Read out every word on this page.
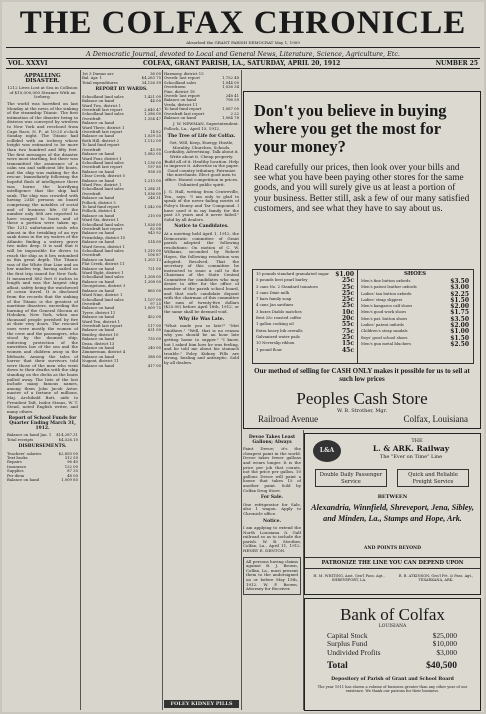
THE COLFAX CHRONICLE
Absorbed the GRANT PARISH DEMOCRAT May 1, 1909
A Democratic Journal, devoted to Local and General News, Literature, Science, Agriculture, Etc.
VOL. XXXVI	COLFAX, GRANT PARISH, LA., SATURDAY, APRIL 20, 1912	NUMBER 25
APPALLING DISASTER.
1212 Lives Lost at Sea in Collision of $10,000,000 Steamer With an Iceberg.
The world was horrified on last Monday at the news of the sinking of the steamship Titanic. The first intimation of the disaster being in distress was conveyed by wireless to New York and reechoed from Cape Race, N. F., at 10:25 o'clock Sunday night. The Titanic had collided with an iceberg whose height was estimated to be more than two hundred and fifty feet. The first messages of the disaster were most startling, but there was transmitted the assurance of a calm sea and sufficient life boats, and the ship was making for the rescue. Immediately following the hopeful flash of intelligence there was borne the horrifying intelligence that the ship had sunk. The ship was crowded with having 2340 persons on board comprising the notables of social and of business life. Of the number only 868 are reported to have escaped to boats and of these a portion were taken up. The 1212 unfortunate souls who almost in the twinkling of an eye sank down in the icy waters of the Atlantic finding a watery grave two miles deep. It is said that it will be impossible for divers to reach the ship as it lies entombed in this great depth. The Titanic was of the White Star Line and on her maiden trip, having sailed on the first trip issued for New York. It measured 882 feet 6 inches in length and was the largest ship afloat, safety being the watchword of ocean travel. It is disclosed from the records that the sinking of the Titanic is the greatest of maritime disasters, exceeding the burning of the General Slocum at Hoboken, New York, when one thousand people perished by fire at their very doors. The rescued ones were mostly the women of the crew and the passengers, who stood by the doomed ship, enforcing protection of the unwritten law of the sea and the women and children away in the lifeboats. Among the tales of horror that their survivors told were those of the men who went down to their deaths with the ship standing on the decks as the boats pulled away. The lists of the lost include many famous names, among them John Jacob Astor, master of a fortune of millions, Maj. Archibald Butt, aide to President Taft, Isidor Straus, W. T. Stead, noted English writer, and many others.
Report of School Funds for Quarter Ending March 31, 1912.
Balance on hand Jan. 1 $14,287.31
Total receipts	$4,526.10
DISBURSEMENTS.
Teachers' salaries	$2,850 00
Text books	312 50
Repairs	96 40
Insurance	122 00
Supplies	87 35
Per diem	48 00
Balance on hand	1,009 85
1st 3 Dumas sav	36 00
Bal. Apr. 1	$4,263 75
Total expenditures	34,126 39
REPORT BY WARDS.
Schoolland land sales	1,421 00
Balance on hand	44 00
Ward Two, district 1
Overdraft last report	2,640 47
Schoolland land sales	1,286 00
Overdraft	1,354 47
Balance on hand
Ward Three, district 1
Overdraft last report	14 82
Balance on hand	1,029 25
Both Hill, district 2	1,112 00
To land fund report
Overdraft	45 90
Balance on hand	1,082 05
Ward Four, district 1
Schoolland land sales	1,136 00
Overdraft last report	197 80
Balance on hand	938 20
Clear Creek, district 5
Balance on hand	1,213 00
Ward Five, district 1
Schoolland land sales	1,284 31
Overdraft	1,036 00
Balance on hand	248 31
Pollock, district 3
To land fund report	1,542 00
Pollock, district 4
Balance on hand	210 00
Ward Six, district 1
Schoolland land sales	1,026 00
Overdraft last report	82 08
Balance on hand	943 92
Friendship, district 10
Balance on hand	514 00
Ward Seven, district 1
Schoolland land sales	1,310 00
Overdraft	106 87
Balance on hand	1,203 13
Flat Creek, district 11
Balance on hand	721 00
Ward Eight, district 1
Schoolland land sales	1,208 00
Balance on hand	1,208 00
Georgetown, district 3
Balance on hand	865 00
Ward Nine, district 1
Schoolland land sales	1,107 00
Overdraft	97 25
Balance on hand	1,009 75
Tyree, district 11
Balance on hand	452 00
Ward Ten, district 1
Overdraft last report	117 00
Balance on hand	631 00
Bentley, district 10
Balance on hand	735 00
Dean, district 13
Balance on hand	240 00
Zimmerman, district 4
Balance on hand	388 00
Nugent, district 11
Balance on hand	417 00
Harmony, district 15
Overdr. last report	1,752 48
Schoolland sales	1,044 00
Overdrawn	1,036 34
Pine, district 18
Overdr. last report	248 41
Balance on hand	796 59
Verda, district 11
To land fund report	1,067 00
Overdraft last report	2 22
Balance on hand	1,064 78
J. W. NEWMAN, Superintendent.
Pollock, La., April 15, 1912.
The Tree of Life for Colfax.
Get, Will, Keep, Energy, Hustle, Morality, Churches, Schools, Cordiality, Advertising. Talk about it. Write about it. Cheap property. Build all of it. Healthy location. Help to improve it. Advertise in the paper. Good country tributary. Patronize the merchants. Elect good men to office. Honest competition in prices. Unlimited public spirit.
J. G. Hall, writing from Centreville, Tex., says: "I am only to glad to speak of the never failing merits of Foley's Honey and Tar Compound. I have used it in my family for the past 25 years and it never failed." Solid by all dealers.
Notice to Candidates.
At a meeting held April 1, 1912, the Democratic committee of Grant parish adopted the following resolutions: On motion of C. W. Williams, seconded by Robert Hayes, the following resolution was adopted. Resolved, That the secretary of this committee be instructed to issue a call to the Chairman of the State Central Committee for candidates who may desire to offer for the office of member of the parish school board, and that each candidate deposit with the chairman of this committee the sum of twenty-five dollars ($25.00) before April 18th, 1912, or the same shall be deemed void.
Why He Was Late.
"What made you so late?" "Met Smithers." "Well, that is no reason why you should be an hour late getting home to supper." "I know, but I asked him how he was feeling, and he told me about his stomach trouble." Foley Kidney Pills are strong, healing and antiseptic. Sold by all dealers.
FOLEY KIDNEY PILLS
Don't you believe in buying where you get the most for your money?
Read carefully our prices, then look over your bills and see what you have been paying other stores for the same goods, and you will surely give us at least a portion of your business. Better still, ask a few of our many satisfied customers, and see what they have to say about us.
15 pounds standard granulated sugar $1.00
5 pounds best pearl barley	25c
3 cans No. 2 Standard tomatoes	25c
3 cans Dixie milk	25c
7 bars family soap	25c
4 cans Jan sardines	25c
3 boxes Diablo matches	10c
Best 25c roasted coffee	20c
1 gallon cooking oil	55c
Extra heavy bib overalls	75c
Galvanized water pails	25c
10 Neverslip ribbon	15c
1 pound flour	45c
SHOES
Men's fine button oxfords	$3.50
Men's patent leather oxfords	$3.00
Ladies' tan button oxfords	$2.25
Ladies' strap slippers	$1.50
Men's kangaroo calf shoes	$2.00
Men's good work shoes	$1.75
Men's pat. button shoes	$3.50
Ladies' patent oxfords	$2.00
Children's strap sandals	$1.00
Boys' good school shoes	$1.50
Men's gun metal bluchers	$2.50
Our method of selling for CASH ONLY makes it possible for us to sell at such low prices
Peoples Cash Store
W. B. Strother, Mgr.
Railroad Avenue	Colfax, Louisiana
Devoe Takes Least Gallons; Always
Paint Devoe; it's the cheapest paint in the world. Devoe takes fewer gallons and wears longer. It is the price per job that counts, not the price per gallon. 10 gallons Devoe will paint a house that takes 15 of another paint. Sold by Colfax Drug Store.
For Sale.
One refrigerator for Sale, also 1 wagon. Apply to Chronicle office.
Notice.
I am applying to extend the North Louisiana & Gulf railroad so as to include the parish. W. B. Strother, Colfax, La., April 11, 1912. HENRY E. DENTON.
All persons having claims against B. J. Brown, Colfax, La., must present them to the undersigned on or before May 15th, 1912. W. P. Brown, Attorney for Receiver.
L&A
THE
L. & ARK. Railway
The "Ever on Time" Line
Double Daily Passenger Service
Quick and Reliable Freight Service
BETWEEN
Alexandria, Winnfield, Shreveport, Jena, Sibley, and Minden, La., Stamps and Hope, Ark.
AND POINTS BEYOND
PATRONIZE THE LINE YOU CAN DEPEND UPON
H. M. WHITING, Asst. Gen'l Pass. Agt., SHREVEPORT, LA.
R. B. ATKINSON, Gen'l Frt. & Pass. Agt., TEXARKANA, ARK.
Bank of Colfax
LOUISIANA
Capital Stock	$25,000
Surplus Fund	$10,000
Undivided Profits	$3,000
Total	$40,500
Depository of Parish of Grant and School Board
The year 1911 has shown a volume of business greater than any other year of our existence. We thank our patrons for their business.
